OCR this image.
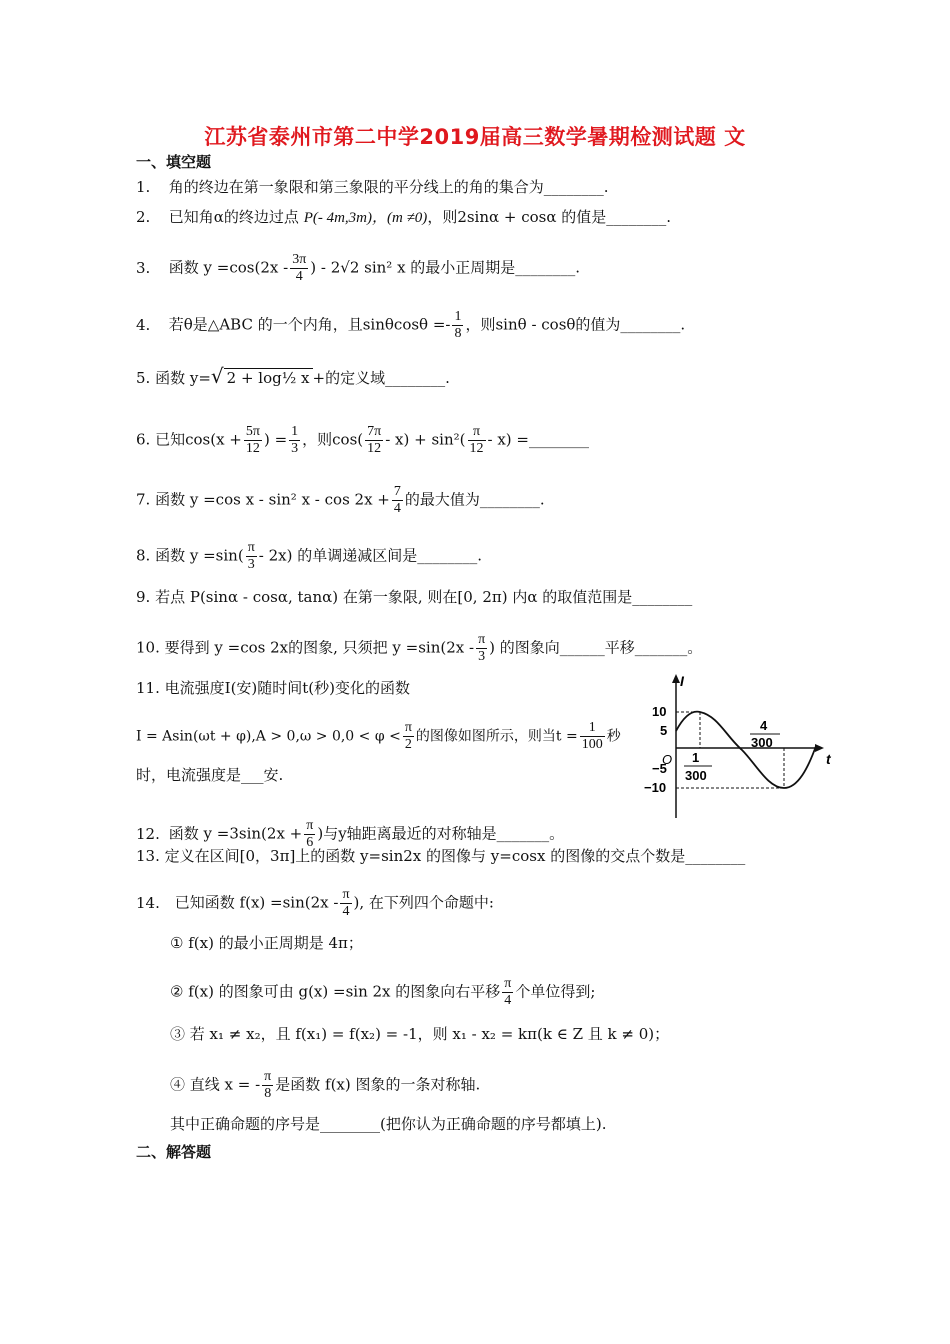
江苏省泰州市第二中学2019届高三数学暑期检测试题 文
一、填空题
1. 角的终边在第一象限和第三象限的平分线上的角的集合为________.
2. 已知角α的终边过点 P(- 4m,3m)，(m ≠0)，则2sinα + cosα 的值是________.
3. 函数 $y =\cos(2x - \frac{3\pi}{4}$ ) - 2√2 sin² x 的最小正周期是________.
4. 若θ是△ABC 的一个内角，且$\sin\theta\cos\theta =- \frac{1}{8}$ ，则sinθ - cosθ的值为________.
5. 函数 y=√ 2 + log½ x +的定义域________.
6. 已知$\cos(x + \frac{5\pi}{12}$ ) = $\frac{1}{3}$ ，则$\cos( \frac{7\pi}{12} - x) + \sin^2( \frac{\pi}{12} - x)$ =________
7. 函数 y =cos x - sin² $x - \cos 2x + \frac{7}{4}$ 的最大值为________.
8. 函数 $y =\sin( \frac{\pi}{3} - 2x)$ 的单调递减区间是________.
9. 若点 P(sinα - cosα, tanα) 在第一象限, 则在[0, 2π) 内α 的取值范围是________
10. 要得到 y =cos 2x的图象, 只须把 $y =\sin(2x - \frac{\pi}{3}$ ) 的图象向______平移_______。
11. 电流强度I(安)随时间t(秒)变化的函数
$I = Asin(\omega t + \varphi),A > 0,\omega > 0,0 < \varphi < \frac{\pi}{2}$ 的图像如图所示，则当$t = \frac{1}{100}$ 秒
时，电流强度是___安.
I
t
O
10
5
−5
−10
1
300
4
300
12. 函数 $y =3\sin(2x + \frac{\pi}{6}$ )与y轴距离最近的对称轴是_______。
13. 定义在区间[0，3π]上的函数 y=sin2x 的图像与 y=cosx 的图像的交点个数是________
14. 已知函数 $f(x) =\sin(2x - \frac{\pi}{4}$ ), 在下列四个命题中:
① f(x) 的最小正周期是 4π；
② f(x) 的图象可由 g(x) =sin 2x 的图象向右平移 $\frac{\pi}{4}$ 个单位得到;
③ 若 x₁ ≠ x₂，且 f(x₁) = f(x₂) = -1，则 x₁ - x₂ = kπ(k ∈ Z 且 k ≠ 0)；
④ 直线 x = - $\frac{\pi}{8}$ 是函数 f(x) 图象的一条对称轴.
其中正确命题的序号是________(把你认为正确命题的序号都填上).
二、解答题
